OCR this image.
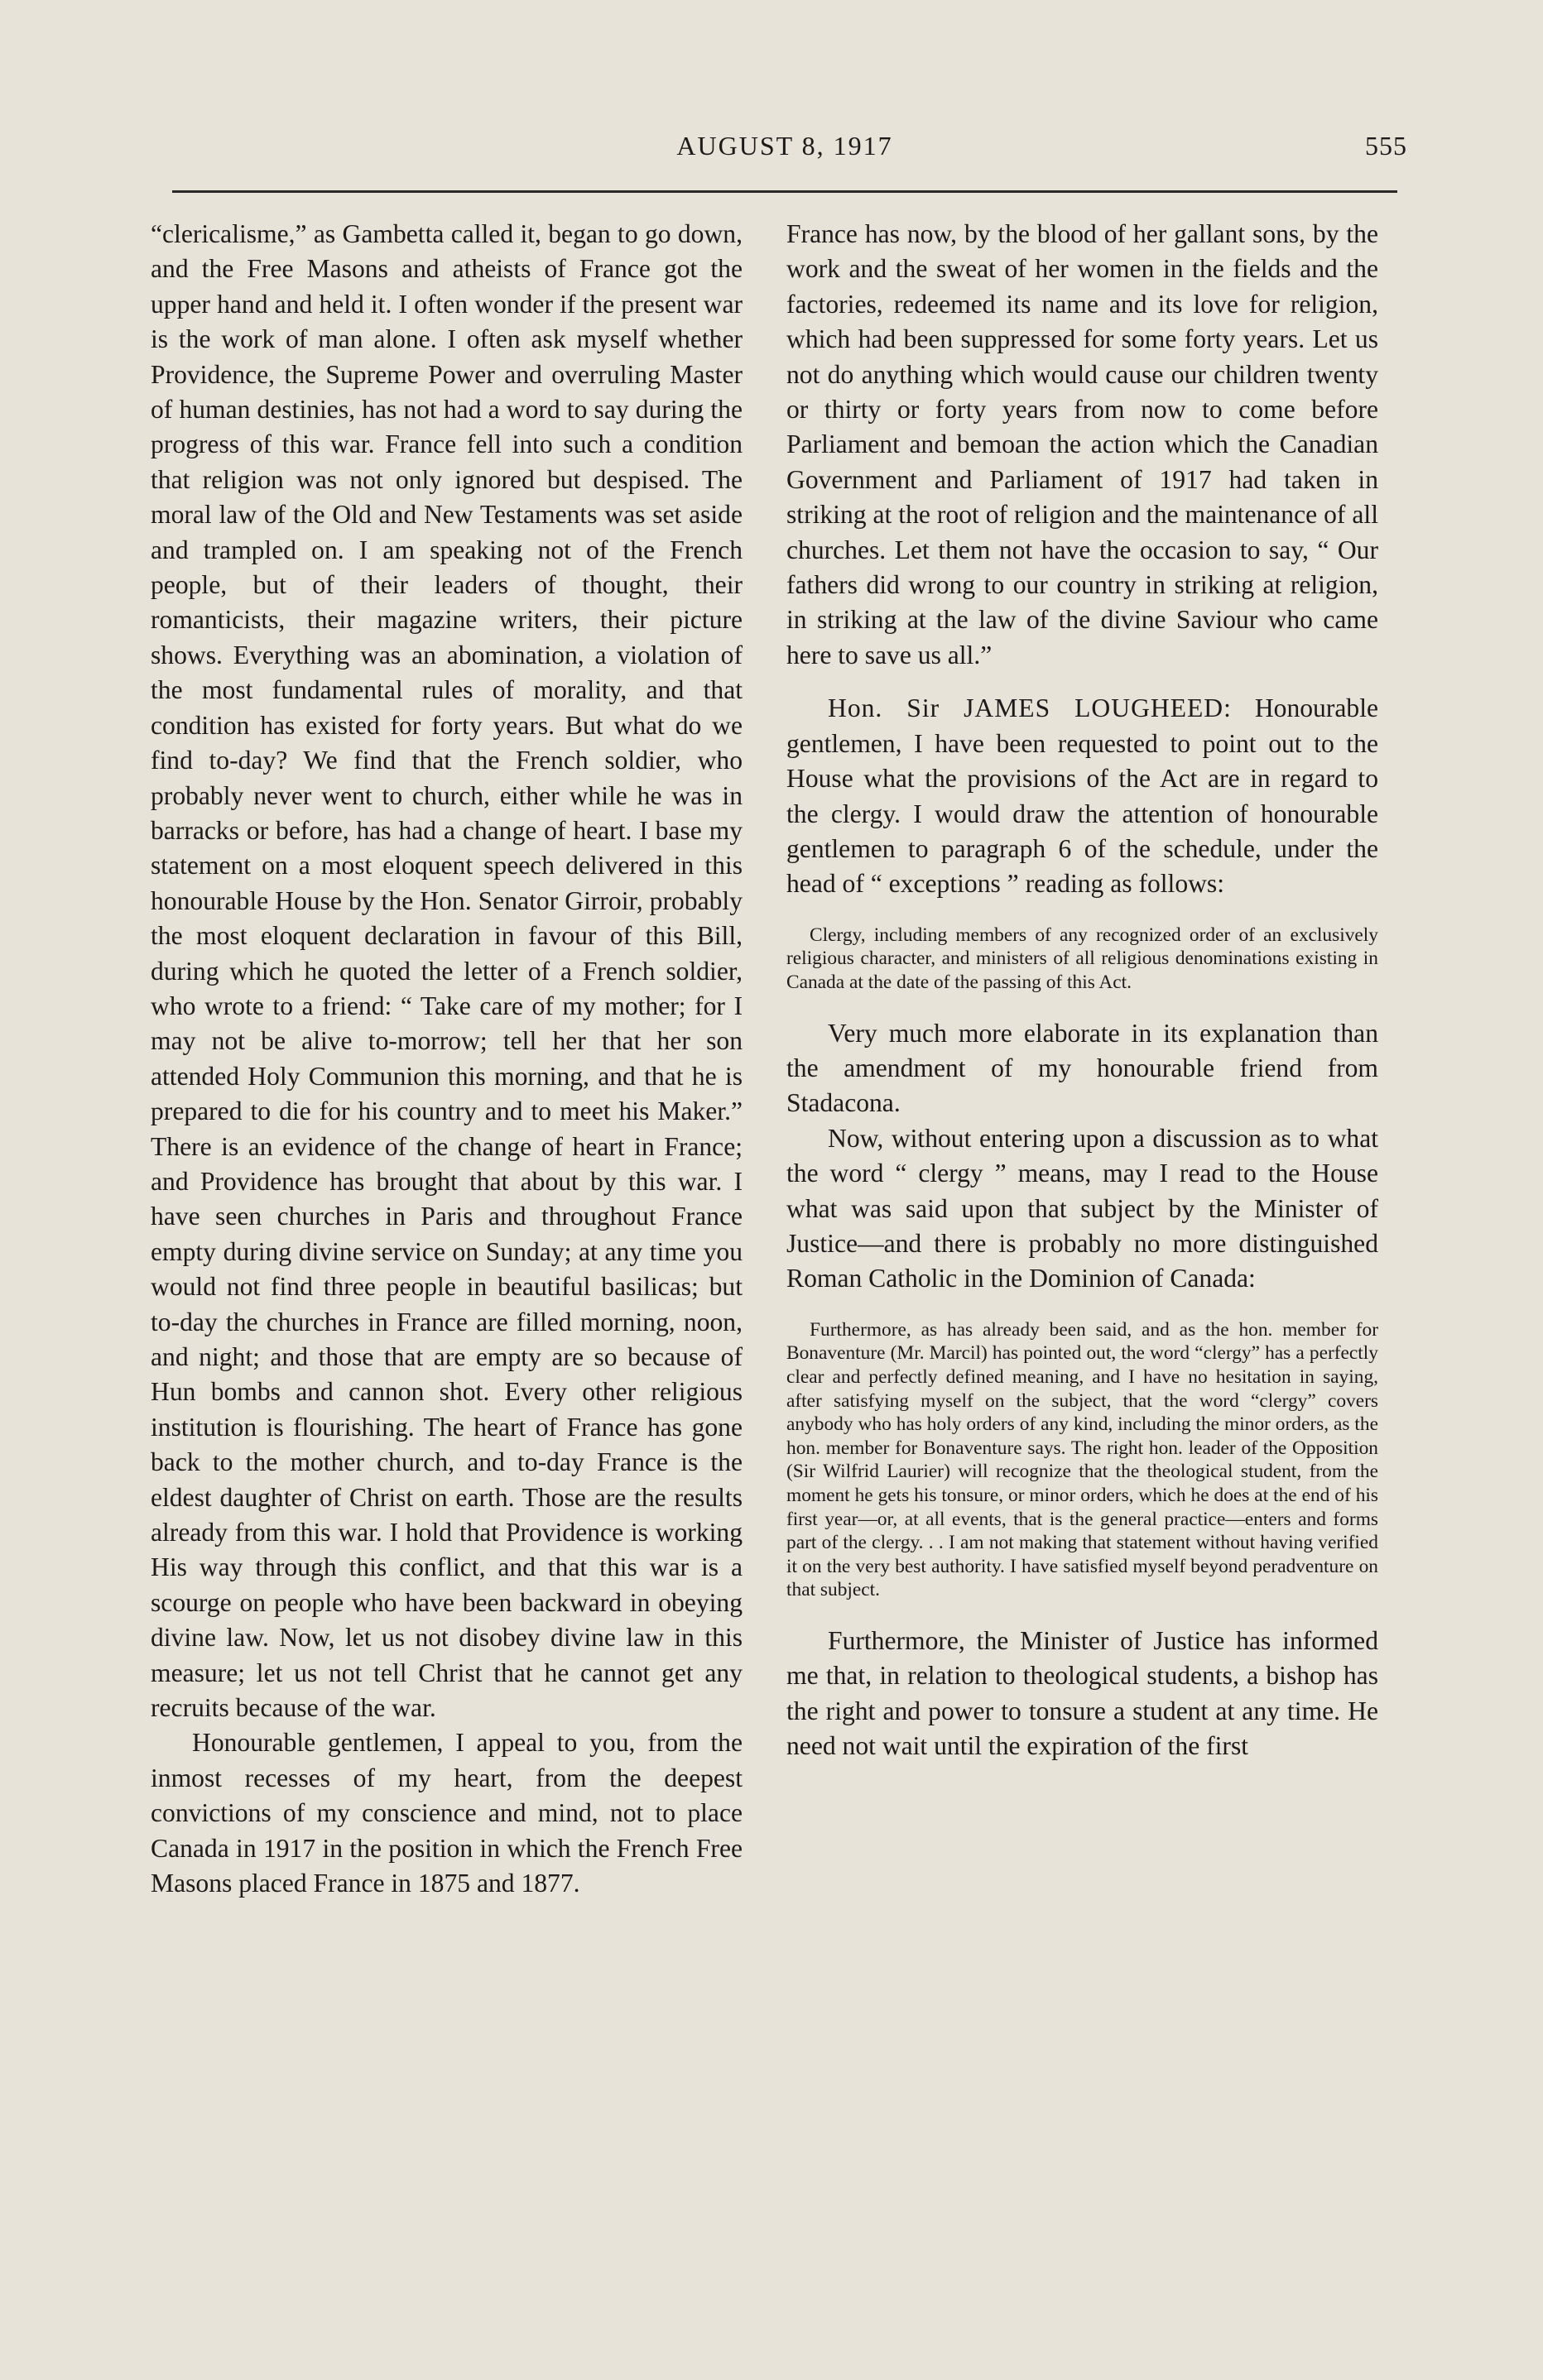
AUGUST 8, 1917	555

“clericalisme,” as Gambetta called it, began to go down, and the Free Masons and atheists of France got the upper hand and held it. I often wonder if the present war is the work of man alone. I often ask myself whether Providence, the Supreme Power and overruling Master of human destinies, has not had a word to say during the progress of this war. France fell into such a condition that religion was not only ignored but despised. The moral law of the Old and New Testaments was set aside and trampled on. I am speaking not of the French people, but of their leaders of thought, their romanticists, their magazine writers, their picture shows. Everything was an abomination, a violation of the most fundamental rules of morality, and that condition has existed for forty years. But what do we find to-day? We find that the French soldier, who probably never went to church, either while he was in barracks or before, has had a change of heart. I base my statement on a most eloquent speech delivered in this honourable House by the Hon. Senator Girroir, probably the most eloquent declaration in favour of this Bill, during which he quoted the letter of a French soldier, who wrote to a friend: “ Take care of my mother; for I may not be alive to-morrow; tell her that her son attended Holy Communion this morning, and that he is prepared to die for his country and to meet his Maker.” There is an evidence of the change of heart in France; and Providence has brought that about by this war. I have seen churches in Paris and throughout France empty during divine service on Sunday; at any time you would not find three people in beautiful basilicas; but to-day the churches in France are filled morning, noon, and night; and those that are empty are so because of Hun bombs and cannon shot. Every other religious institution is flourishing. The heart of France has gone back to the mother church, and to-day France is the eldest daughter of Christ on earth. Those are the results already from this war. I hold that Providence is working His way through this conflict, and that this war is a scourge on people who have been backward in obeying divine law. Now, let us not disobey divine law in this measure; let us not tell Christ that he cannot get any recruits because of the war.

Honourable gentlemen, I appeal to you, from the inmost recesses of my heart, from the deepest convictions of my conscience and mind, not to place Canada in 1917 in the position in which the French Free Masons placed France in 1875 and 1877.

France has now, by the blood of her gallant sons, by the work and the sweat of her women in the fields and the factories, redeemed its name and its love for religion, which had been suppressed for some forty years. Let us not do anything which would cause our children twenty or thirty or forty years from now to come before Parliament and bemoan the action which the Canadian Government and Parliament of 1917 had taken in striking at the root of religion and the maintenance of all churches. Let them not have the occasion to say, “ Our fathers did wrong to our country in striking at religion, in striking at the law of the divine Saviour who came here to save us all.”

Hon. Sir JAMES LOUGHEED: Honourable gentlemen, I have been requested to point out to the House what the provisions of the Act are in regard to the clergy. I would draw the attention of honourable gentlemen to paragraph 6 of the schedule, under the head of “ exceptions ” reading as follows:

Clergy, including members of any recognized order of an exclusively religious character, and ministers of all religious denominations existing in Canada at the date of the passing of this Act.

Very much more elaborate in its explanation than the amendment of my honourable friend from Stadacona.

Now, without entering upon a discussion as to what the word “ clergy ” means, may I read to the House what was said upon that subject by the Minister of Justice—and there is probably no more distinguished Roman Catholic in the Dominion of Canada:

Furthermore, as has already been said, and as the hon. member for Bonaventure (Mr. Marcil) has pointed out, the word “clergy” has a perfectly clear and perfectly defined meaning, and I have no hesitation in saying, after satisfying myself on the subject, that the word “clergy” covers anybody who has holy orders of any kind, including the minor orders, as the hon. member for Bonaventure says. The right hon. leader of the Opposition (Sir Wilfrid Laurier) will recognize that the theological student, from the moment he gets his tonsure, or minor orders, which he does at the end of his first year—or, at all events, that is the general practice—enters and forms part of the clergy. . . I am not making that statement without having verified it on the very best authority. I have satisfied myself beyond peradventure on that subject.

Furthermore, the Minister of Justice has informed me that, in relation to theological students, a bishop has the right and power to tonsure a student at any time. He need not wait until the expiration of the first
